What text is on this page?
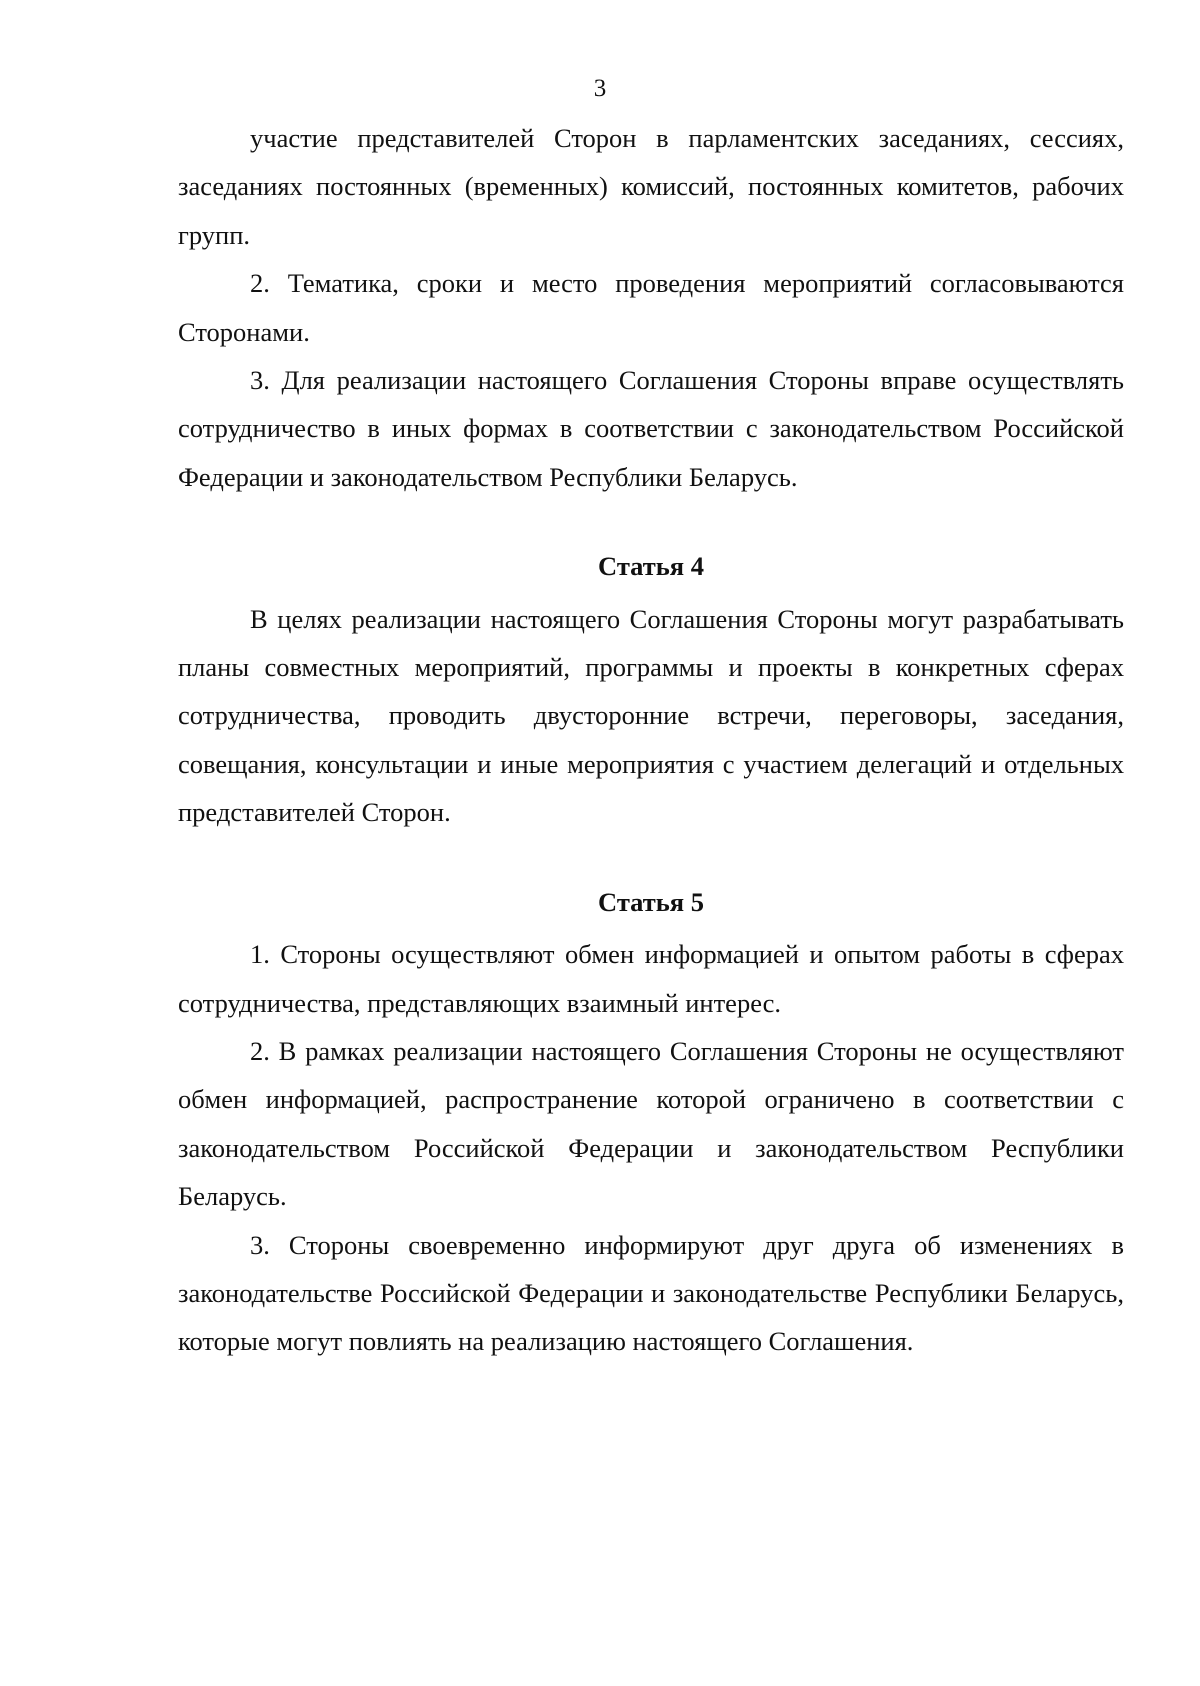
3

участие представителей Сторон в парламентских заседаниях, сессиях, заседаниях постоянных (временных) комиссий, постоянных комитетов, рабочих групп.

2. Тематика, сроки и место проведения мероприятий согласовываются Сторонами.

3. Для реализации настоящего Соглашения Стороны вправе осуществлять сотрудничество в иных формах в соответствии с законодательством Российской Федерации и законодательством Республики Беларусь.

Статья 4

В целях реализации настоящего Соглашения Стороны могут разрабатывать планы совместных мероприятий, программы и проекты в конкретных сферах сотрудничества, проводить двусторонние встречи, переговоры, заседания, совещания, консультации и иные мероприятия с участием делегаций и отдельных представителей Сторон.

Статья 5

1. Стороны осуществляют обмен информацией и опытом работы в сферах сотрудничества, представляющих взаимный интерес.

2. В рамках реализации настоящего Соглашения Стороны не осуществляют обмен информацией, распространение которой ограничено в соответствии с законодательством Российской Федерации и законодательством Республики Беларусь.

3. Стороны своевременно информируют друг друга об изменениях в законодательстве Российской Федерации и законодательстве Республики Беларусь, которые могут повлиять на реализацию настоящего Соглашения.
